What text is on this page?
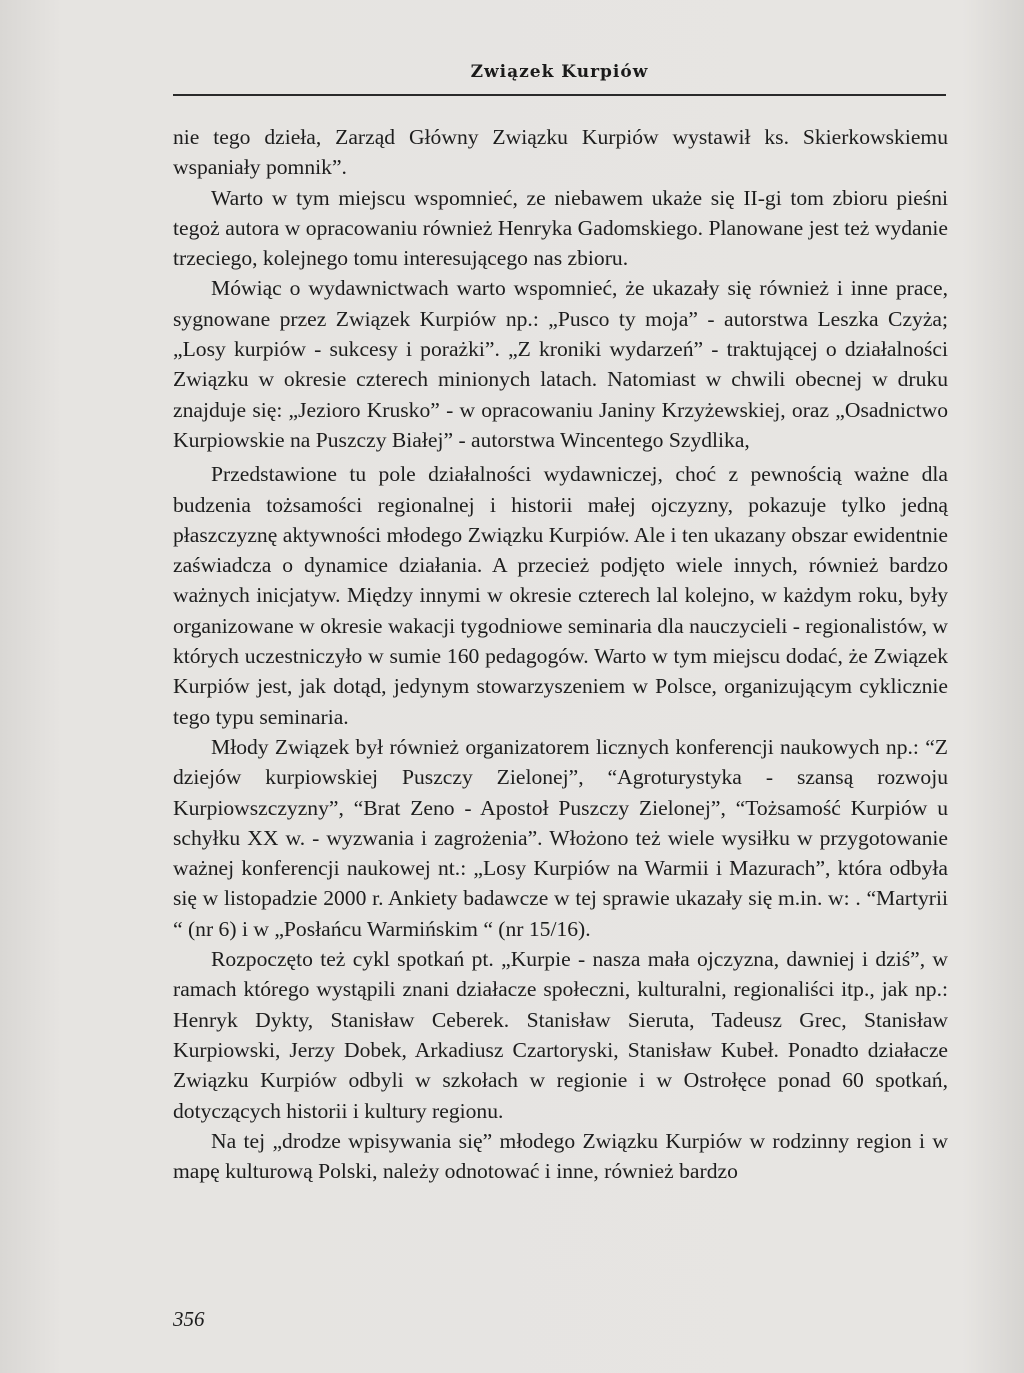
Związek Kurpiów

nie tego dzieła, Zarząd Główny Związku Kurpiów wystawił ks. Skierkowskiemu wspaniały pomnik”.

Warto w tym miejscu wspomnieć, ze niebawem ukaże się II-gi tom zbioru pieśni tegoż autora w opracowaniu również Henryka Gadomskiego. Planowane jest też wydanie trzeciego, kolejnego tomu interesującego nas zbioru.

Mówiąc o wydawnictwach warto wspomnieć, że ukazały się również i inne prace, sygnowane przez Związek Kurpiów np.: „Pusco ty moja” - autorstwa Leszka Czyża; „Losy kurpiów - sukcesy i porażki”. „Z kroniki wydarzeń” - traktującej o działalności Związku w okresie czterech minionych latach. Natomiast w chwili obecnej w druku znajduje się: „Jezioro Krusko” - w opracowaniu Janiny Krzyżewskiej, oraz „Osadnictwo Kurpiowskie na Puszczy Białej” - autorstwa Wincentego Szydlika,

Przedstawione tu pole działalności wydawniczej, choć z pewnością ważne dla budzenia tożsamości regionalnej i historii małej ojczyzny, pokazuje tylko jedną płaszczyznę aktywności młodego Związku Kurpiów. Ale i ten ukazany obszar ewidentnie zaświadcza o dynamice działania. A przecież podjęto wiele innych, również bardzo ważnych inicjatyw. Między innymi w okresie czterech lal kolejno, w każdym roku, były organizowane w okresie wakacji tygodniowe seminaria dla nauczycieli - regionalistów, w których uczestniczyło w sumie 160 pedagogów. Warto w tym miejscu dodać, że Związek Kurpiów jest, jak dotąd, jedynym stowarzyszeniem w Polsce, organizującym cyklicznie tego typu seminaria.

Młody Związek był również organizatorem licznych konferencji naukowych np.: “Z dziejów kurpiowskiej Puszczy Zielonej”, “Agroturystyka - szansą rozwoju Kurpiowszczyzny”, “Brat Zeno - Apostoł Puszczy Zielonej”, “Tożsamość Kurpiów u schyłku XX w. - wyzwania i zagrożenia”. Włożono też wiele wysiłku w przygotowanie ważnej konferencji naukowej nt.: „Losy Kurpiów na Warmii i Mazurach”, która odbyła się w listopadzie 2000 r. Ankiety badawcze w tej sprawie ukazały się m.in. w: . “Martyrii “ (nr 6) i w „Posłańcu Warmińskim “ (nr 15/16).

Rozpoczęto też cykl spotkań pt. „Kurpie - nasza mała ojczyzna, dawniej i dziś”, w ramach którego wystąpili znani działacze społeczni, kulturalni, regionaliści itp., jak np.: Henryk Dykty, Stanisław Ceberek. Stanisław Sieruta, Tadeusz Grec, Stanisław Kurpiowski, Jerzy Dobek, Arkadiusz Czartoryski, Stanisław Kubeł. Ponadto działacze Związku Kurpiów odbyli w szkołach w regionie i w Ostrołęce ponad 60 spotkań, dotyczących historii i kultury regionu.

Na tej „drodze wpisywania się” młodego Związku Kurpiów w rodzinny region i w mapę kulturową Polski, należy odnotować i inne, również bardzo

356
